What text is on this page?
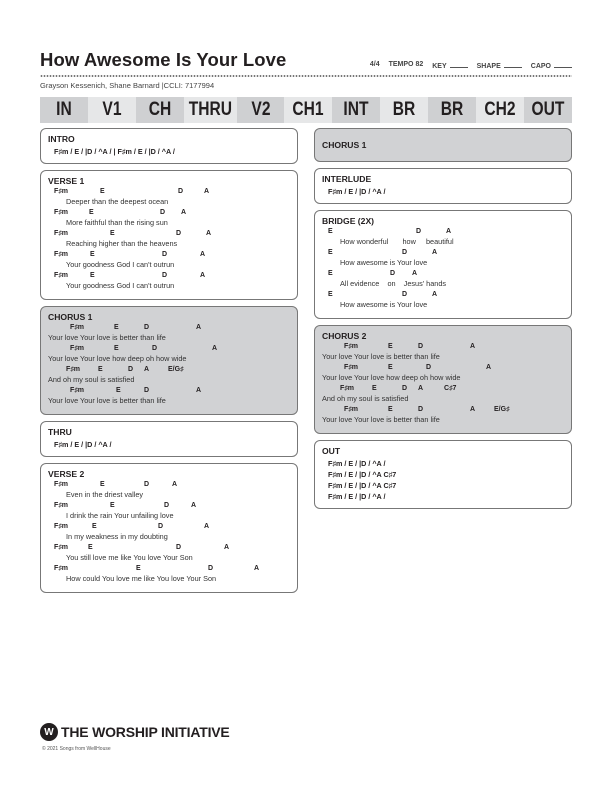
How Awesome Is Your Love	4/4 TEMPO 82 KEY	SHAPE	CAPO
Grayson Kessenich, Shane Barnard |CCLI: 7177994
IN	V1	CH THRU	V2	CH1	INT	BR	BR	CH2 OUT
INTRO
F♯m / E / |D / ^A / | F♯m / E / |D / ^A /
VERSE 1
F♯m	E	D	A
Deeper than the deepest ocean
F♯m	E	D A
More faithful than the rising sun
F♯m	E	D	A
Reaching higher than the heavens
F♯m	E	D	A
Your goodness God I can't outrun
F♯m	E	D	A
Your goodness God I can't outrun
CHORUS 1
F♯m	E	D	A
Your love Your love is better than life
F♯m	E	D	A
Your love Your love how deep oh how wide
F♯m	E	D A	E/G♯
And oh my soul is satisfied
F♯m	E	D	A
Your love Your love is better than life
THRU
F♯m / E / |D / ^A /
VERSE 2
F♯m	E	D	A
Even in the driest valley
F♯m	E	D	A
I drink the rain Your unfailing love
F♯m	E	D	A
In my weakness in my doubting
F♯m	E	D	A
You still love me like You love Your Son
F♯m	E	D	A
How could You love me like You love Your Son
CHORUS 1
INTERLUDE
F♯m / E / |D / ^A /
BRIDGE (2X)
E	D	A
How wonderful       how     beautiful
E	D	A
How awesome is Your love
E	D A
All evidence    on    Jesus' hands
E	D	A
How awesome is Your love
CHORUS 2
F♯m	E	D	A
Your love Your love is better than life
F♯m	E	D	A
Your love Your love how deep oh how wide
F♯m	E	D A	C♯7
And oh my soul is satisfied
F♯m	E	D	A	E/G♯
Your love Your love is better than life
OUT
F♯m / E / |D / ^A /
F♯m / E / |D / ^A C♯7
F♯m / E / |D / ^A C♯7
F♯m / E / |D / ^A /
W THE WORSHIP INITIATIVE
© 2021 Songs from WellHouse
